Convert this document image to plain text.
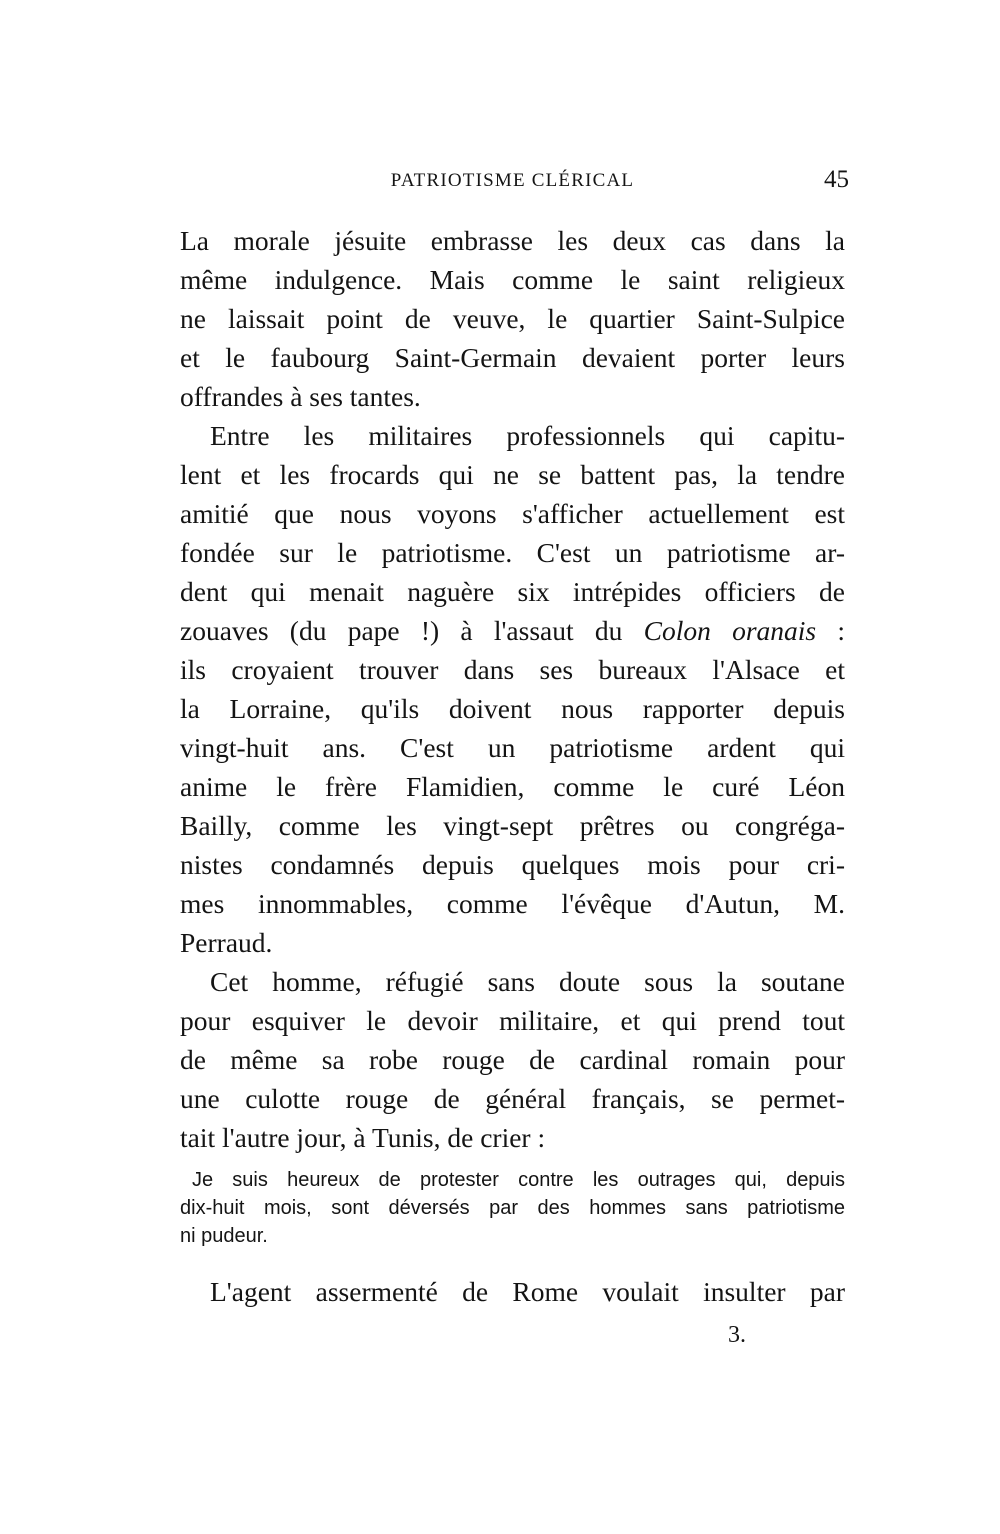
PATRIOTISME CLÉRICAL	45
La morale jésuite embrasse les deux cas dans la
même indulgence. Mais comme le saint religieux
ne laissait point de veuve, le quartier Saint-Sulpice
et le faubourg Saint-Germain devaient porter leurs
offrandes à ses tantes.
Entre les militaires professionnels qui capitu-
lent et les frocards qui ne se battent pas, la tendre
amitié que nous voyons s'afficher actuellement est
fondée sur le patriotisme. C'est un patriotisme ar-
dent qui menait naguère six intrépides officiers de
zouaves (du pape !) à l'assaut du Colon oranais :
ils croyaient trouver dans ses bureaux l'Alsace et
la Lorraine, qu'ils doivent nous rapporter depuis
vingt-huit ans. C'est un patriotisme ardent qui
anime le frère Flamidien, comme le curé Léon
Bailly, comme les vingt-sept prêtres ou congréga-
nistes condamnés depuis quelques mois pour cri-
mes innommables, comme l'évêque d'Autun, M.
Perraud.
Cet homme, réfugié sans doute sous la soutane
pour esquiver le devoir militaire, et qui prend tout
de même sa robe rouge de cardinal romain pour
une culotte rouge de général français, se permet-
tait l'autre jour, à Tunis, de crier :
Je suis heureux de protester contre les outrages qui, depuis
dix-huit mois, sont déversés par des hommes sans patriotisme
ni pudeur.
L'agent assermenté de Rome voulait insulter par
3.
